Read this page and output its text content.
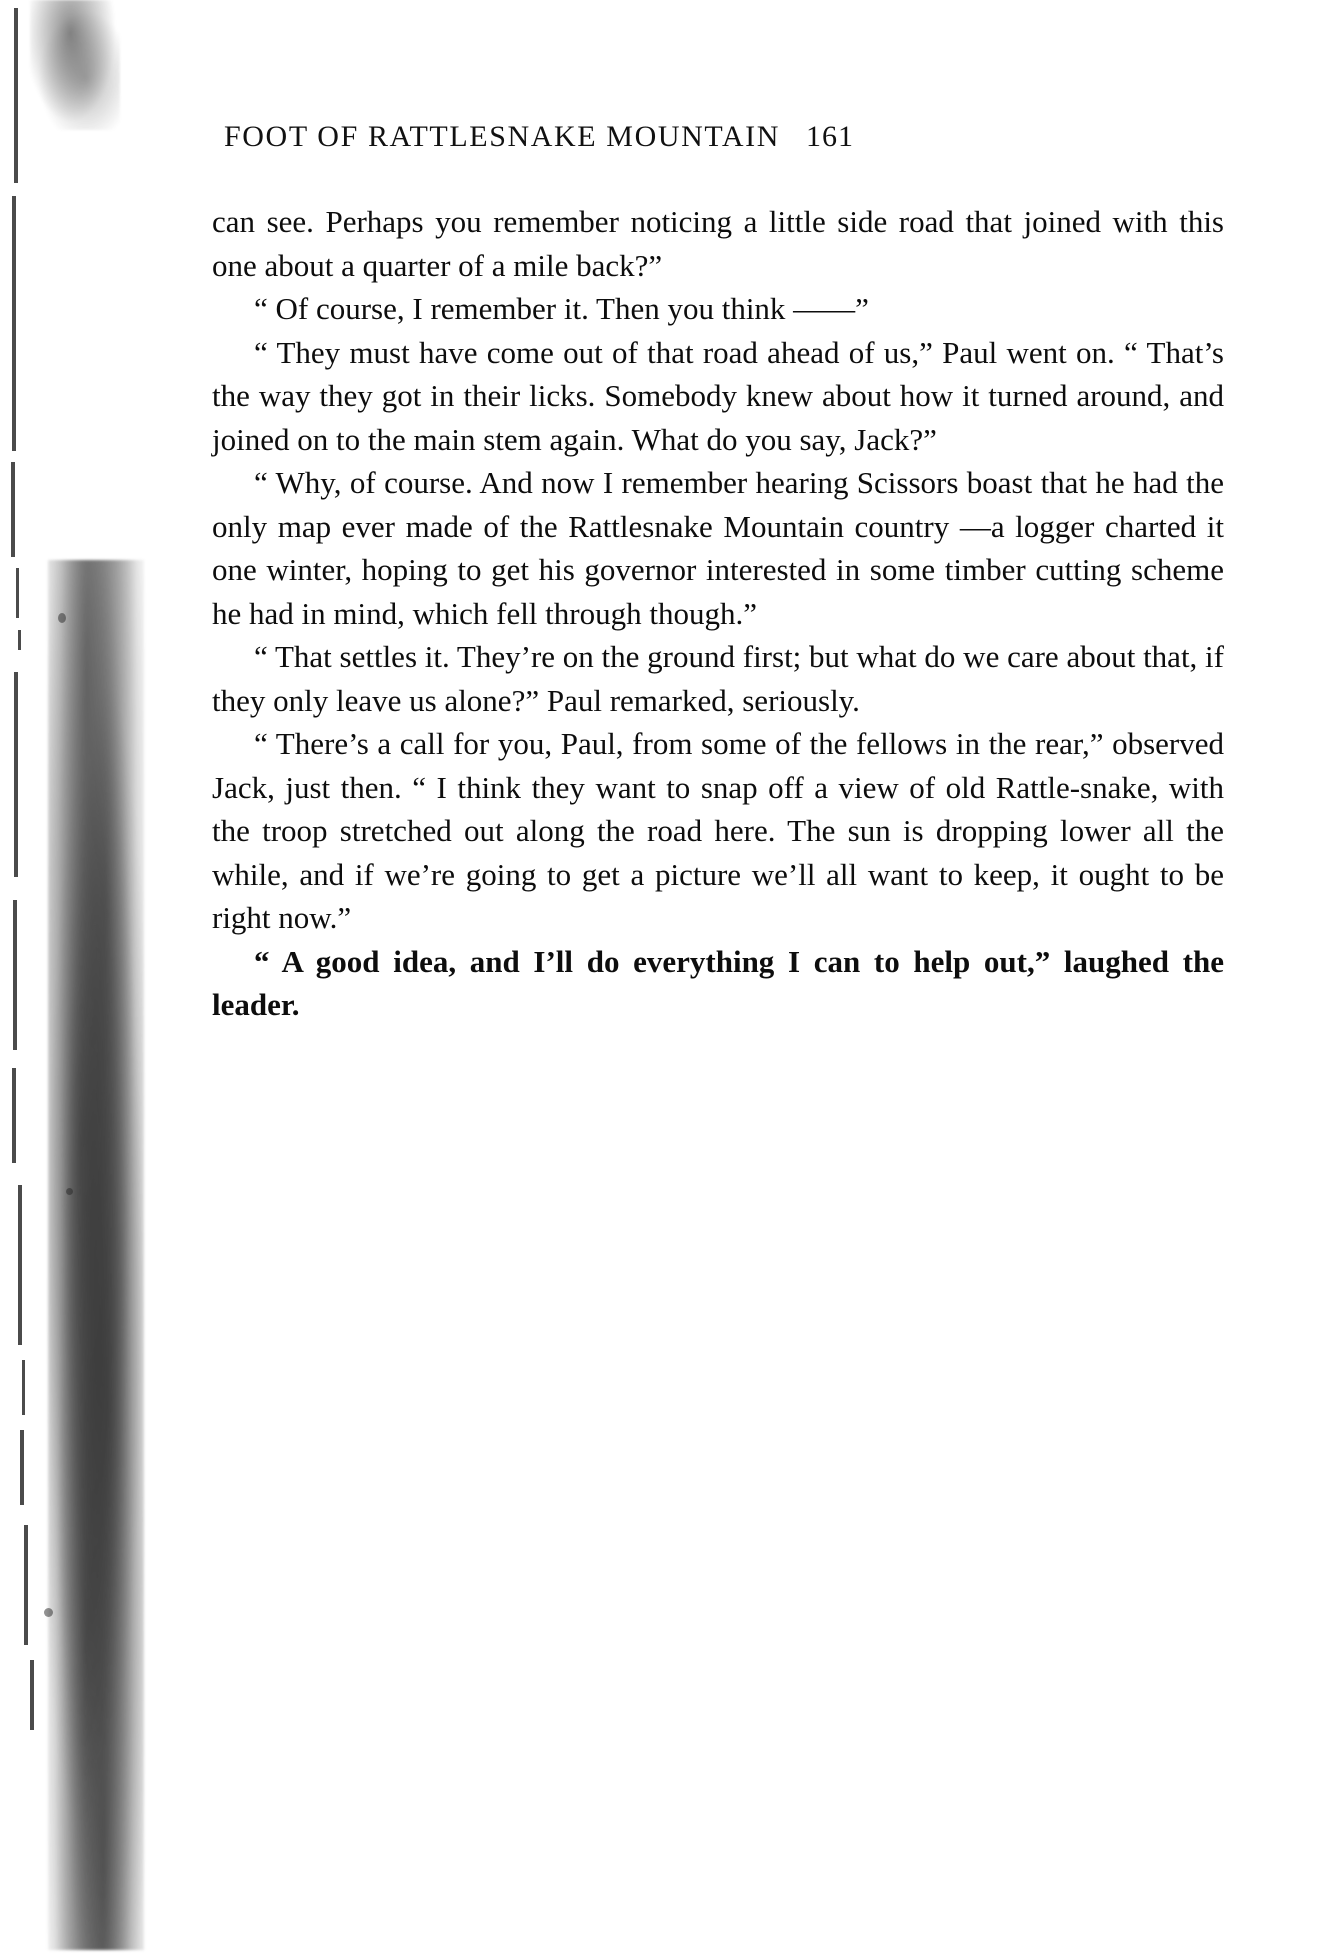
FOOT OF RATTLESNAKE MOUNTAIN 161

can see. Perhaps you remember noticing a little side road that joined with this one about a quarter of a mile back?”

“ Of course, I remember it. Then you think ——”

“ They must have come out of that road ahead of us,” Paul went on. “ That’s the way they got in their licks. Somebody knew about how it turned around, and joined on to the main stem again. What do you say, Jack?”

“ Why, of course. And now I remember hearing Scissors boast that he had the only map ever made of the Rattlesnake Mountain country —a logger charted it one winter, hoping to get his governor interested in some timber cutting scheme he had in mind, which fell through though.”

“ That settles it. They’re on the ground first; but what do we care about that, if they only leave us alone?” Paul remarked, seriously.

“ There’s a call for you, Paul, from some of the fellows in the rear,” observed Jack, just then. “ I think they want to snap off a view of old Rattle-snake, with the troop stretched out along the road here. The sun is dropping lower all the while, and if we’re going to get a picture we’ll all want to keep, it ought to be right now.”

“ A good idea, and I’ll do everything I can to help out,” laughed the leader.
